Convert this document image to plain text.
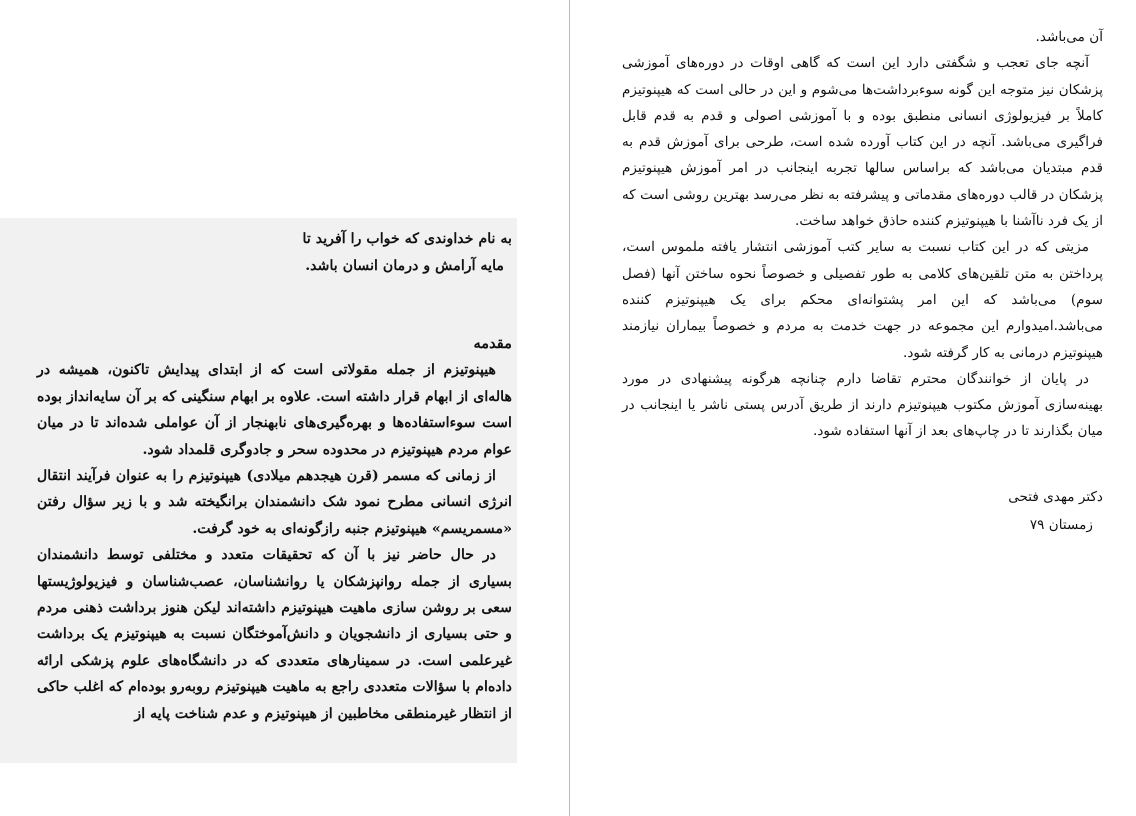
به نام خداوندی که خواب را آفرید تا
مایه آرامش و درمان انسان باشد.
مقدمه

هیپنوتیزم از جمله مقولاتی است که از ابتدای پیدایش تاکنون، همیشه در هاله‌ای از ابهام قرار داشته است. علاوه بر ابهام سنگینی که بر آن سایه‌انداز بوده است سوءاستفاده‌ها و بهره‌گیری‌های نابهنجار از آن عواملی شده‌اند تا در میان عوام مردم هیپنوتیزم در محدوده سحر و جادوگری قلمداد شود.

از زمانی که مسمر (قرن هیجدهم میلادی) هیپنوتیزم را به عنوان فرآیند انتقال انرژی انسانی مطرح نمود شک دانشمندان برانگیخته شد و با زیر سؤال رفتن «مسمریسم» هیپنوتیزم جنبه رازگونه‌ای به خود گرفت.

در حال حاضر نیز با آن که تحقیقات متعدد و مختلفی توسط دانشمندان بسیاری از جمله روانپزشکان یا روانشناسان، عصب‌شناسان و فیزیولوژیستها سعی بر روشن سازی ماهیت هیپنوتیزم داشته‌اند لیکن هنوز برداشت ذهنی مردم و حتی بسیاری از دانشجویان و دانش‌آموختگان نسبت به هیپنوتیزم یک برداشت غیرعلمی است. در سمینارهای متعددی که در دانشگاه‌های علوم پزشکی ارائه داده‌ام با سؤالات متعددی راجع به ماهیت هیپنوتیزم روبه‌رو بوده‌ام که اغلب حاکی از انتظار غیرمنطقی مخاطبین از هیپنوتیزم و عدم شناخت پایه از

آن می‌باشد.

آنچه جای تعجب و شگفتی دارد این است که گاهی اوقات در دوره‌های آموزشی پزشکان نیز متوجه این گونه سوءبرداشت‌ها می‌شوم و این در حالی است که هیپنوتیزم کاملاً بر فیزیولوژی انسانی منطبق بوده و با آموزشی اصولی و قدم به قدم قابل فراگیری می‌باشد. آنچه در این کتاب آورده شده است، طرحی برای آموزش قدم به قدم مبتدیان می‌باشد که براساس سالها تجربه اینجانب در امر آموزش هیپنوتیزم پزشکان در قالب دوره‌های مقدماتی و پیشرفته به نظر می‌رسد بهترین روشی است که از یک فرد ناآشنا با هیپنوتیزم کننده حاذق خواهد ساخت.

مزیتی که در این کتاب نسبت به سایر کتب آموزشی انتشار یافته ملموس است، پرداختن به متن تلقین‌های کلامی به طور تفصیلی و خصوصاً نحوه ساختن آنها (فصل سوم) می‌باشد که این امر پشتوانه‌ای محکم برای یک هیپنوتیزم کننده می‌باشد.امیدوارم این مجموعه در جهت خدمت به مردم و خصوصاً بیماران نیازمند هیپنوتیزم درمانی به کار گرفته شود.

در پایان از خوانندگان محترم تقاضا دارم چنانچه هرگونه پیشنهادی در مورد بهینه‌سازی آموزش مکتوب هیپنوتیزم دارند از طریق آدرس پستی ناشر یا اینجانب در میان بگذارند تا در چاپ‌های بعد از آنها استفاده شود.

دکتر مهدی فتحی
زمستان ۷۹
